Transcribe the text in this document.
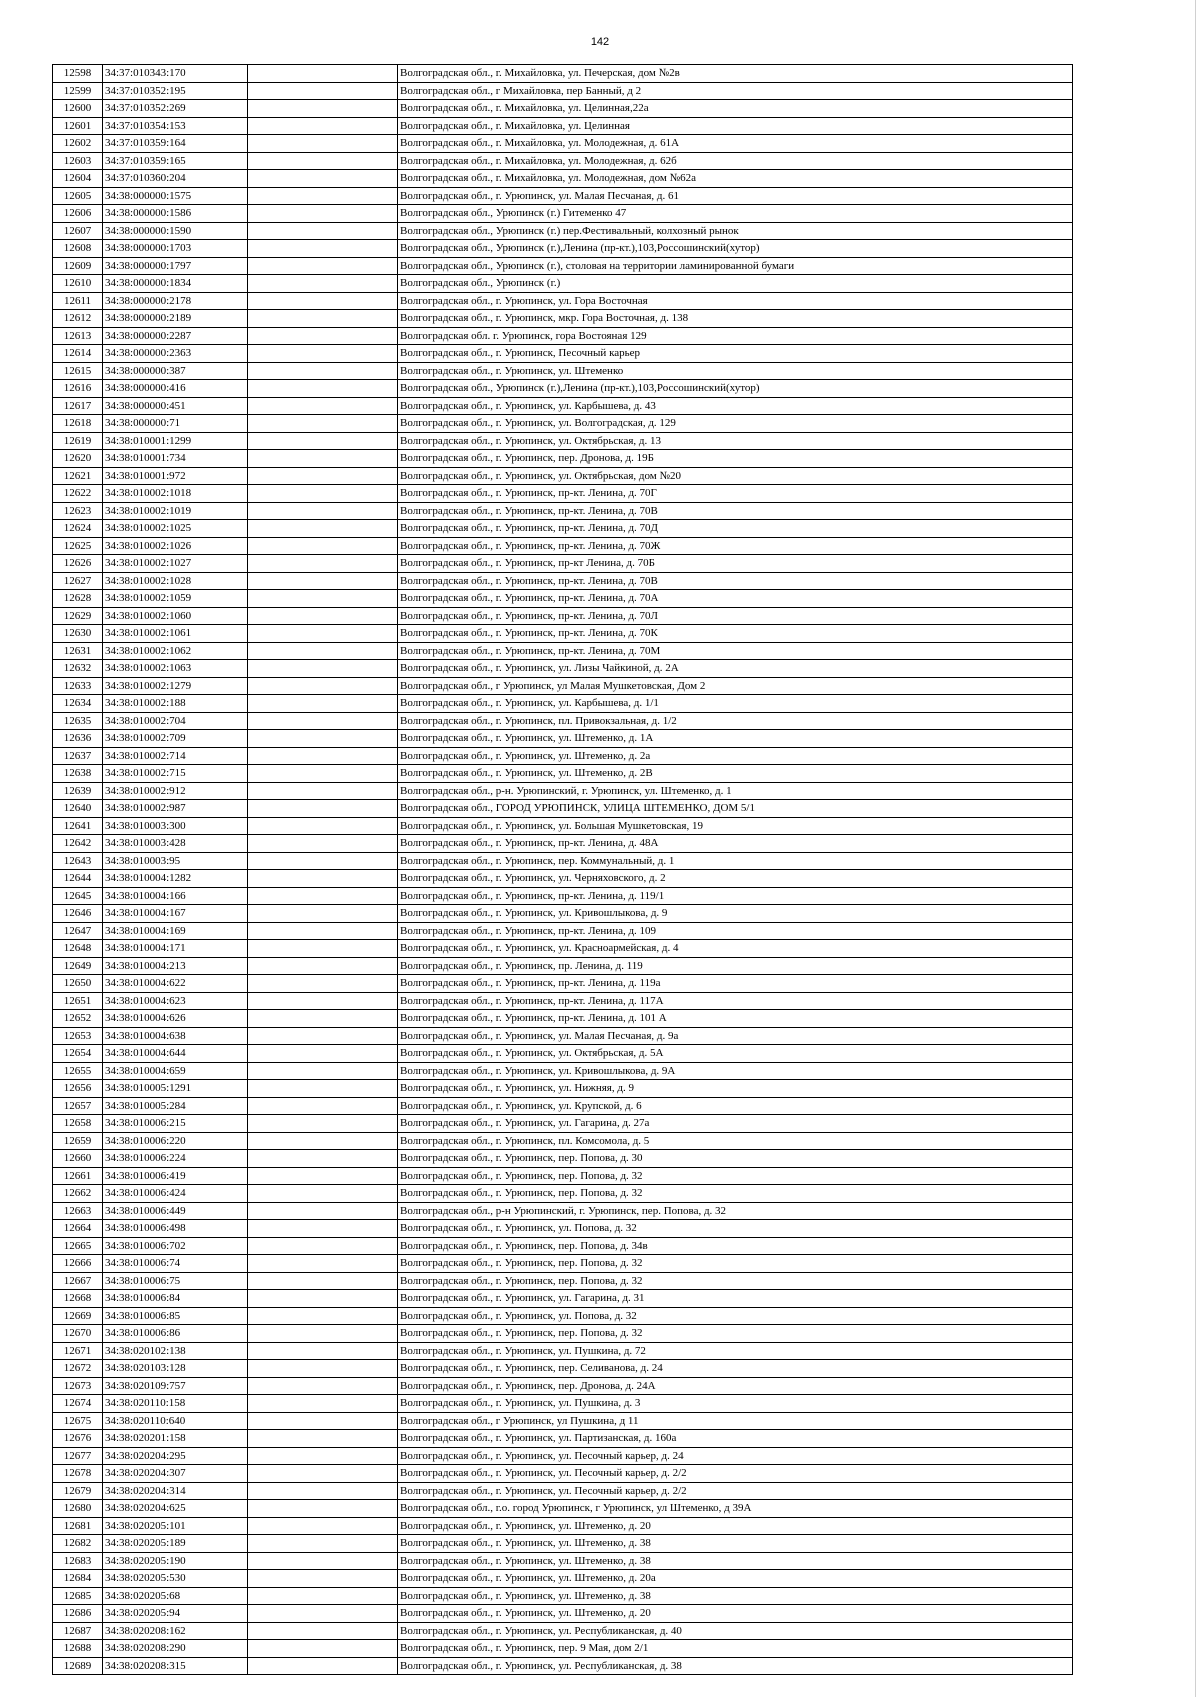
142
12598	34:37:010343:170		Волгоградская обл., г. Михайловка, ул. Печерская, дом №2в
12599	34:37:010352:195		Волгоградская обл., г Михайловка, пер Банный, д 2
12600	34:37:010352:269		Волгоградская обл., г. Михайловка, ул. Целинная,22а
12601	34:37:010354:153		Волгоградская обл., г. Михайловка, ул. Целинная
12602	34:37:010359:164		Волгоградская обл., г. Михайловка, ул. Молодежная, д. 61А
12603	34:37:010359:165		Волгоградская обл., г. Михайловка, ул. Молодежная, д. 62б
12604	34:37:010360:204		Волгоградская обл., г. Михайловка, ул. Молодежная, дом №62а
12605	34:38:000000:1575		Волгоградская обл., г. Урюпинск, ул. Малая Песчаная, д. 61
12606	34:38:000000:1586		Волгоградская обл., Урюпинск (г.) Гитеменко 47
12607	34:38:000000:1590		Волгоградская обл., Урюпинск (г.) пер.Фестивальный, колхозный рынок
12608	34:38:000000:1703		Волгоградская обл., Урюпинск (г.),Ленина (пр-кт.),103,Россошинский(хутор)
12609	34:38:000000:1797		Волгоградская обл., Урюпинск (г.), столовая на территории ламинированной бумаги
12610	34:38:000000:1834		Волгоградская обл., Урюпинск (г.)
12611	34:38:000000:2178		Волгоградская обл., г. Урюпинск, ул. Гора Восточная
12612	34:38:000000:2189		Волгоградская обл., г. Урюпинск, мкр. Гора Восточная, д. 138
12613	34:38:000000:2287		Волгоградская обл. г. Урюпинск, гора Востояная 129
12614	34:38:000000:2363		Волгоградская обл., г. Урюпинск, Песочный карьер
12615	34:38:000000:387		Волгоградская обл., г. Урюпинск, ул. Штеменко
12616	34:38:000000:416		Волгоградская обл., Урюпинск (г.),Ленина (пр-кт.),103,Россошинский(хутор)
12617	34:38:000000:451		Волгоградская обл., г. Урюпинск, ул. Карбышева, д. 43
12618	34:38:000000:71		Волгоградская обл., г. Урюпинск, ул. Волгоградская, д. 129
12619	34:38:010001:1299		Волгоградская обл., г. Урюпинск, ул. Октябрьская, д. 13
12620	34:38:010001:734		Волгоградская обл., г. Урюпинск, пер. Дронова, д. 19Б
12621	34:38:010001:972		Волгоградская обл., г. Урюпинск, ул. Октябрьская, дом №20
12622	34:38:010002:1018		Волгоградская обл., г. Урюпинск, пр-кт. Ленина, д. 70Г
12623	34:38:010002:1019		Волгоградская обл., г. Урюпинск, пр-кт. Ленина, д. 70В
12624	34:38:010002:1025		Волгоградская обл., г. Урюпинск, пр-кт. Ленина, д. 70Д
12625	34:38:010002:1026		Волгоградская обл., г. Урюпинск, пр-кт. Ленина, д. 70Ж
12626	34:38:010002:1027		Волгоградская обл., г. Урюпинск, пр-кт Ленина, д. 70Б
12627	34:38:010002:1028		Волгоградская обл., г. Урюпинск, пр-кт. Ленина, д. 70В
12628	34:38:010002:1059		Волгоградская обл., г. Урюпинск, пр-кт. Ленина, д. 70А
12629	34:38:010002:1060		Волгоградская обл., г. Урюпинск, пр-кт. Ленина, д. 70Л
12630	34:38:010002:1061		Волгоградская обл., г. Урюпинск, пр-кт. Ленина, д. 70К
12631	34:38:010002:1062		Волгоградская обл., г. Урюпинск, пр-кт. Ленина, д. 70М
12632	34:38:010002:1063		Волгоградская обл., г. Урюпинск, ул. Лизы Чайкиной, д. 2А
12633	34:38:010002:1279		Волгоградская обл., г Урюпинск, ул Малая Мушкетовская, Дом 2
12634	34:38:010002:188		Волгоградская обл., г. Урюпинск, ул. Карбышева, д. 1/1
12635	34:38:010002:704		Волгоградская обл., г. Урюпинск, пл. Привокзальная, д. 1/2
12636	34:38:010002:709		Волгоградская обл., г. Урюпинск, ул. Штеменко, д. 1А
12637	34:38:010002:714		Волгоградская обл., г. Урюпинск, ул. Штеменко, д. 2а
12638	34:38:010002:715		Волгоградская обл., г. Урюпинск, ул. Штеменко, д. 2В
12639	34:38:010002:912		Волгоградская обл., р-н. Урюпинский, г. Урюпинск, ул. Штеменко, д. 1
12640	34:38:010002:987		Волгоградская обл., ГОРОД УРЮПИНСК, УЛИЦА ШТЕМЕНКО, ДОМ 5/1
12641	34:38:010003:300		Волгоградская обл., г. Урюпинск, ул. Большая Мушкетовская, 19
12642	34:38:010003:428		Волгоградская обл., г. Урюпинск, пр-кт. Ленина, д. 48А
12643	34:38:010003:95		Волгоградская обл., г. Урюпинск, пер. Коммунальный, д. 1
12644	34:38:010004:1282		Волгоградская обл., г. Урюпинск, ул. Черняховского, д. 2
12645	34:38:010004:166		Волгоградская обл., г. Урюпинск, пр-кт. Ленина, д. 119/1
12646	34:38:010004:167		Волгоградская обл., г. Урюпинск, ул. Кривошлыкова, д. 9
12647	34:38:010004:169		Волгоградская обл., г. Урюпинск, пр-кт. Ленина, д. 109
12648	34:38:010004:171		Волгоградская обл., г. Урюпинск, ул. Красноармейская, д. 4
12649	34:38:010004:213		Волгоградская обл., г. Урюпинск, пр. Ленина, д. 119
12650	34:38:010004:622		Волгоградская обл., г. Урюпинск, пр-кт. Ленина, д. 119а
12651	34:38:010004:623		Волгоградская обл., г. Урюпинск, пр-кт. Ленина, д. 117А
12652	34:38:010004:626		Волгоградская обл., г. Урюпинск, пр-кт. Ленина, д. 101 А
12653	34:38:010004:638		Волгоградская обл., г. Урюпинск, ул. Малая Песчаная, д. 9а
12654	34:38:010004:644		Волгоградская обл., г. Урюпинск, ул. Октябрьская, д. 5А
12655	34:38:010004:659		Волгоградская обл., г. Урюпинск, ул. Кривошлыкова, д. 9А
12656	34:38:010005:1291		Волгоградская обл., г. Урюпинск, ул. Нижняя, д. 9
12657	34:38:010005:284		Волгоградская обл., г. Урюпинск, ул. Крупской, д. 6
12658	34:38:010006:215		Волгоградская обл., г. Урюпинск, ул. Гагарина, д. 27а
12659	34:38:010006:220		Волгоградская обл., г. Урюпинск, пл. Комсомола, д. 5
12660	34:38:010006:224		Волгоградская обл., г. Урюпинск, пер. Попова, д. 30
12661	34:38:010006:419		Волгоградская обл., г. Урюпинск, пер. Попова, д. 32
12662	34:38:010006:424		Волгоградская обл., г. Урюпинск, пер. Попова, д. 32
12663	34:38:010006:449		Волгоградская обл., р-н Урюпинский, г. Урюпинск, пер. Попова, д. 32
12664	34:38:010006:498		Волгоградская обл., г. Урюпинск, ул. Попова, д. 32
12665	34:38:010006:702		Волгоградская обл., г. Урюпинск, пер. Попова, д. 34в
12666	34:38:010006:74		Волгоградская обл., г. Урюпинск, пер. Попова, д. 32
12667	34:38:010006:75		Волгоградская обл., г. Урюпинск, пер. Попова, д. 32
12668	34:38:010006:84		Волгоградская обл., г. Урюпинск, ул. Гагарина, д. 31
12669	34:38:010006:85		Волгоградская обл., г. Урюпинск, ул. Попова, д. 32
12670	34:38:010006:86		Волгоградская обл., г. Урюпинск, пер. Попова, д. 32
12671	34:38:020102:138		Волгоградская обл., г. Урюпинск, ул. Пушкина, д. 72
12672	34:38:020103:128		Волгоградская обл., г. Урюпинск, пер. Селиванова, д. 24
12673	34:38:020109:757		Волгоградская обл., г. Урюпинск, пер. Дронова, д. 24А
12674	34:38:020110:158		Волгоградская обл., г. Урюпинск, ул. Пушкина, д. 3
12675	34:38:020110:640		Волгоградская обл., г Урюпинск, ул Пушкина, д 11
12676	34:38:020201:158		Волгоградская обл., г. Урюпинск, ул. Партизанская, д. 160а
12677	34:38:020204:295		Волгоградская обл., г. Урюпинск, ул. Песочный карьер, д. 24
12678	34:38:020204:307		Волгоградская обл., г. Урюпинск, ул. Песочный карьер, д. 2/2
12679	34:38:020204:314		Волгоградская обл., г. Урюпинск, ул. Песочный карьер, д. 2/2
12680	34:38:020204:625		Волгоградская обл., г.о. город Урюпинск, г Урюпинск, ул Штеменко, д 39А
12681	34:38:020205:101		Волгоградская обл., г. Урюпинск, ул. Штеменко, д. 20
12682	34:38:020205:189		Волгоградская обл., г. Урюпинск, ул. Штеменко, д. 38
12683	34:38:020205:190		Волгоградская обл., г. Урюпинск, ул. Штеменко, д. 38
12684	34:38:020205:530		Волгоградская обл., г. Урюпинск, ул. Штеменко, д. 20а
12685	34:38:020205:68		Волгоградская обл., г. Урюпинск, ул. Штеменко, д. 38
12686	34:38:020205:94		Волгоградская обл., г. Урюпинск, ул. Штеменко, д. 20
12687	34:38:020208:162		Волгоградская обл., г. Урюпинск, ул. Республиканская, д. 40
12688	34:38:020208:290		Волгоградская обл., г. Урюпинск, пер. 9 Мая, дом 2/1
12689	34:38:020208:315		Волгоградская обл., г. Урюпинск, ул. Республиканская, д. 38
